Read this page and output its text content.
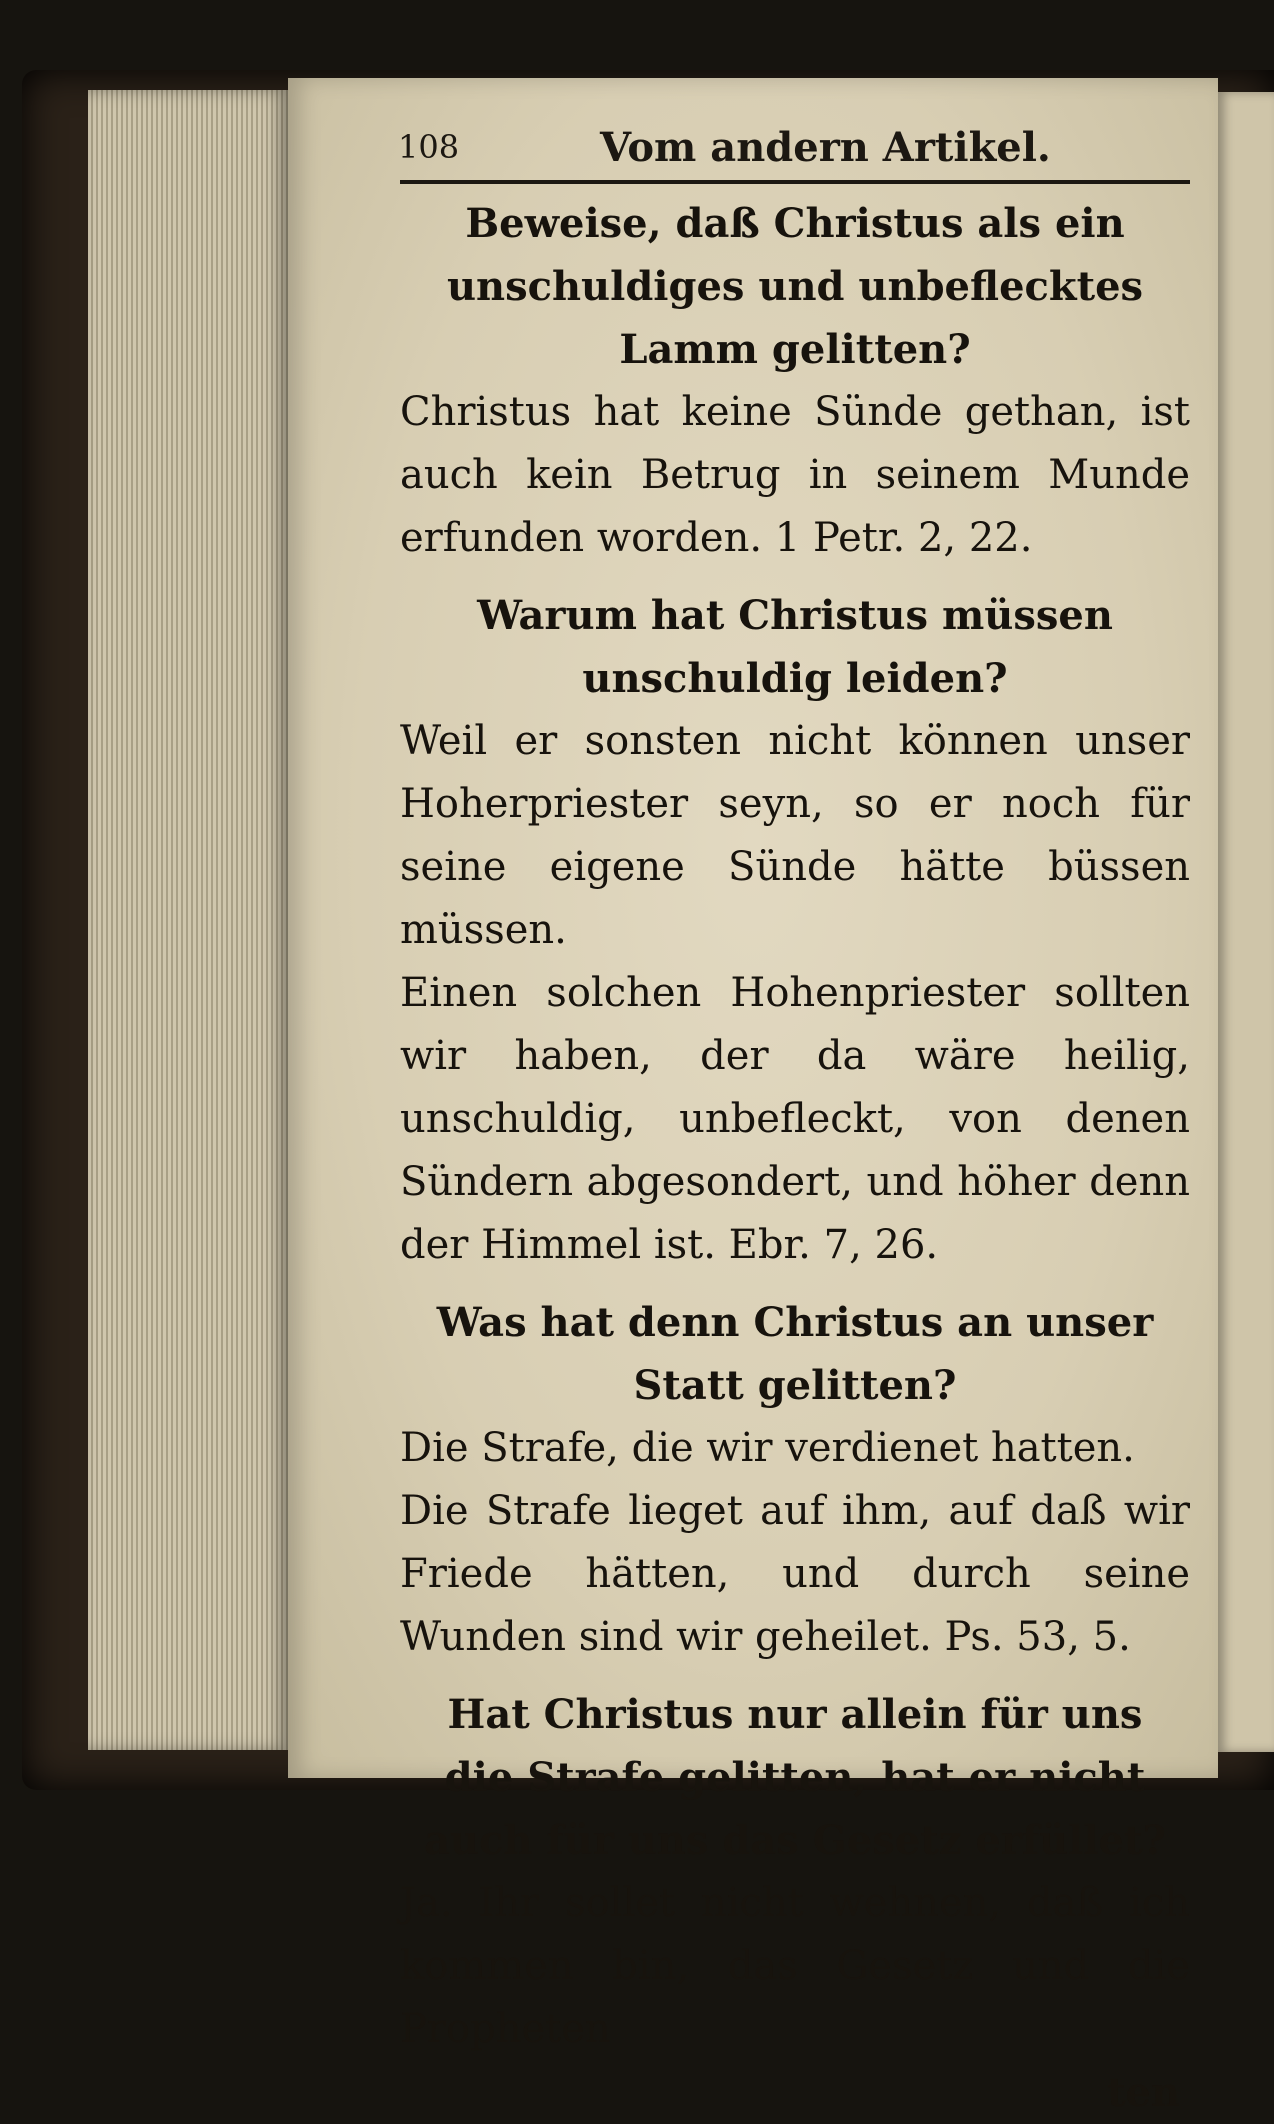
108	Vom andern Artikel.

Beweise, daß Christus als ein unschuldiges und unbeflecktes Lamm gelitten?

Christus hat keine Sünde gethan, ist auch kein Betrug in seinem Munde erfunden worden. 1 Petr. 2, 22.

Warum hat Christus müssen unschuldig leiden?

Weil er sonsten nicht können unser Hoherpriester seyn, so er noch für seine eigene Sünde hätte büssen müssen.

Einen solchen Hohenpriester sollten wir haben, der da wäre heilig, unschuldig, unbefleckt, von denen Sündern abgesondert, und höher denn der Himmel ist. Ebr. 7, 26.

Was hat denn Christus an unser Statt gelitten?

Die Strafe, die wir verdienet hatten.

Die Strafe lieget auf ihm, auf daß wir Friede hätten, und durch seine Wunden sind wir geheilet. Ps. 53, 5.

Hat Christus nur allein für uns die Strafe gelitten, hat er nicht auch für uns das Gesetz erfüllet?

Ja. Ihr sollet nicht wehnen, daß ich kommen bin, das Gesetz und die Propheten

ten
